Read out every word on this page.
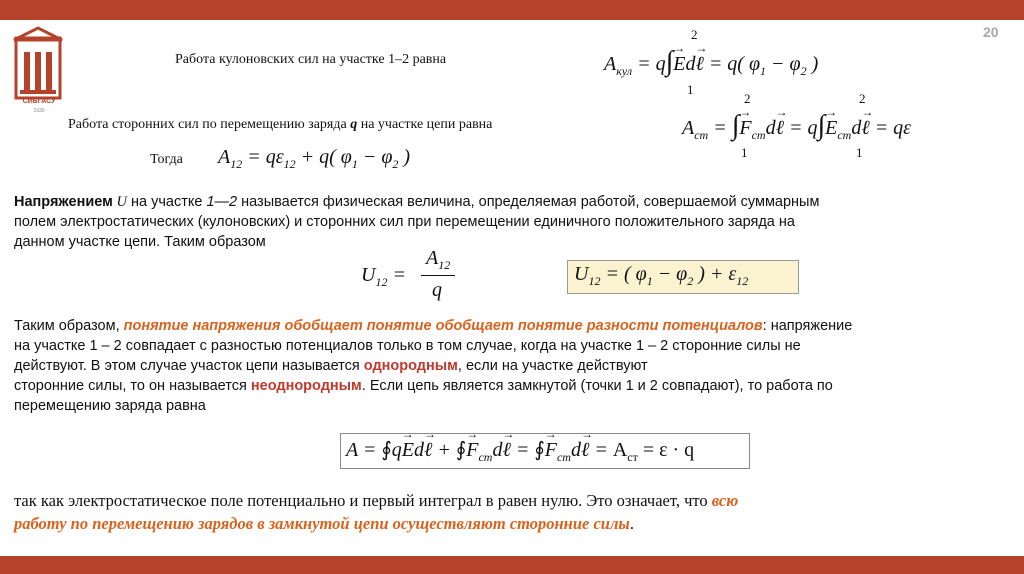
20
СИБГАСУ
1930
Работа кулоновских сил на участке 1–2 равна	$A_{кул} = q\int\to Ed\to$ ℓ = q( $\varphi_1 - \varphi_2$ )
2
1
Работа сторонних сил по перемещению заряда q на участке цепи равна	$A_{ст}$ = ∫→ $F_{ст}d\to$ ℓ = $q\int\to E_{ст}d\to$ ℓ = qε
2
1
2
1
Тогда $A_{12} = q\varepsilon_{12} + q$( $\varphi_1 - \varphi_2$ )
Напряжением U на участке 1—2 называется физическая величина, определяемая работой, совершаемой суммарным
полем электростатических (кулоновских) и сторонних сил при перемещении единичного положительного заряда на
данном участке цепи. Таким образом
$U_{12}$ =
$A_{12}$
q
$U_{12}$ = ( $\varphi_1 - \varphi_2$ ) + $\varepsilon_{12}$
Таким образом, понятие напряжения обобщает понятие обобщает понятие разности потенциалов: напряжение
на участке 1 – 2 совпадает с разностью потенциалов только в том случае, когда на участке 1 – 2 сторонние силы не
действуют. В этом случае участок цепи называется однородным, если на участке действуют
сторонние силы, то он называется неоднородным. Если цепь является замкнутой (точки 1 и 2 совпадают), то работа по
перемещению заряда равна
A = ∮q→ Ed→ ℓ + ∮→ $F_{ст}d\to$ ℓ = ∮→ $F_{ст}d\to$ ℓ = $A_{ст} = \varepsilon \cdot q$
так как электростатическое поле потенциально и первый интеграл в равен нулю. Это означает, что всю
работу по перемещению зарядов в замкнутой цепи осуществляют сторонние силы.
